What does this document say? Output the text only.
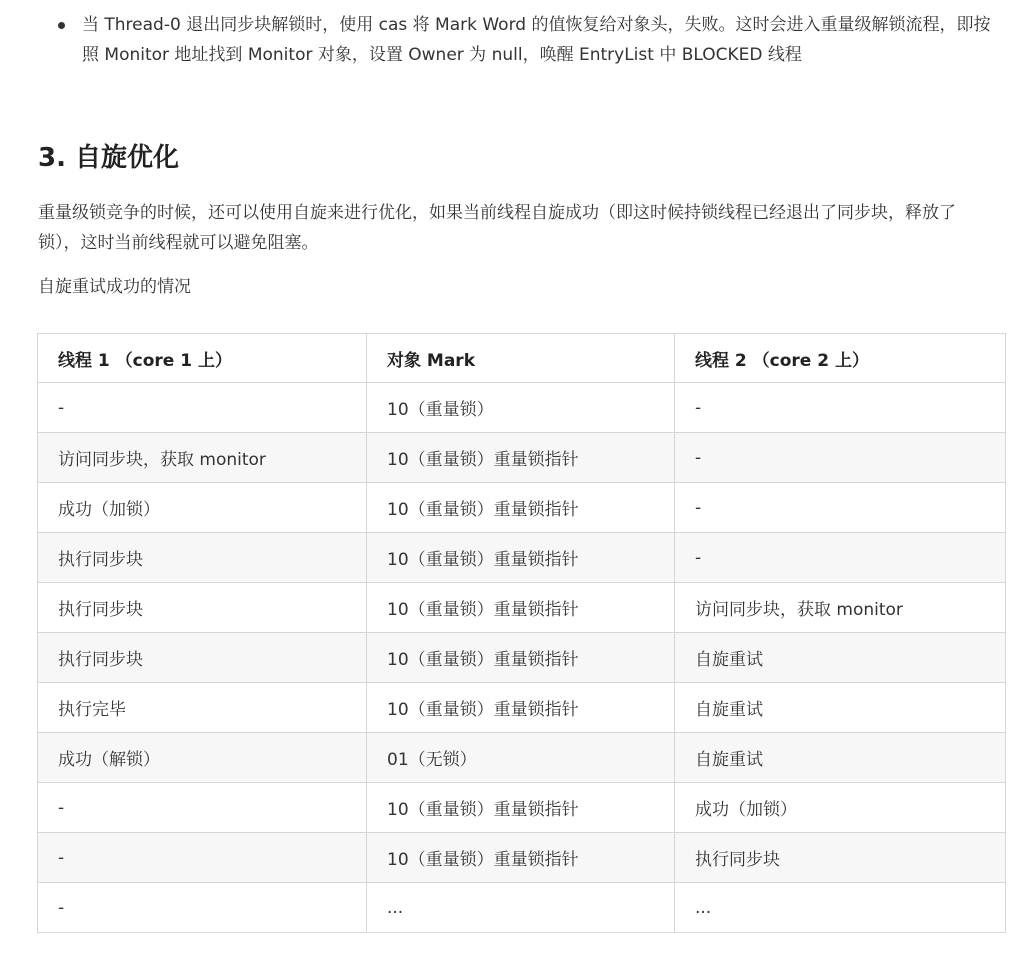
当 Thread-0 退出同步块解锁时，使用 cas 将 Mark Word 的值恢复给对象头，失败。这时会进入重量级解锁流程，即按照 Monitor 地址找到 Monitor 对象，设置 Owner 为 null，唤醒 EntryList 中 BLOCKED 线程
3. 自旋优化

重量级锁竞争的时候，还可以使用自旋来进行优化，如果当前线程自旋成功（即这时候持锁线程已经退出了同步块，释放了锁），这时当前线程就可以避免阻塞。

自旋重试成功的情况

线程 1 （core 1 上）	对象 Mark	线程 2 （core 2 上）
-	10（重量锁）	-
访问同步块，获取 monitor	10（重量锁）重量锁指针	-
成功（加锁）	10（重量锁）重量锁指针	-
执行同步块	10（重量锁）重量锁指针	-
执行同步块	10（重量锁）重量锁指针	访问同步块，获取 monitor
执行同步块	10（重量锁）重量锁指针	自旋重试
执行完毕	10（重量锁）重量锁指针	自旋重试
成功（解锁）	01（无锁）	自旋重试
-	10（重量锁）重量锁指针	成功（加锁）
-	10（重量锁）重量锁指针	执行同步块
-	...	...
